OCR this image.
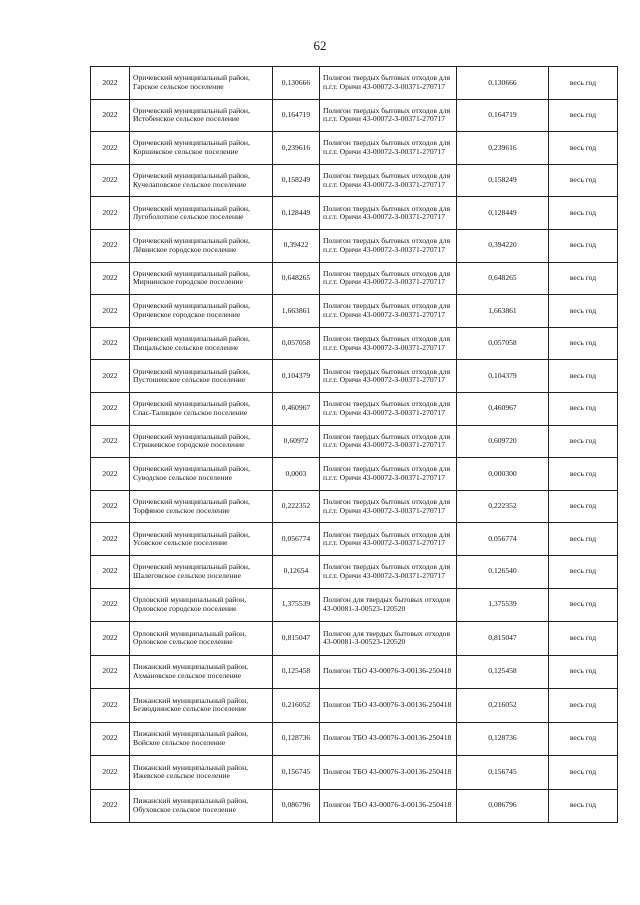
62
2022	Оричевский муниципальный район, Гарское сельское поселение	0,130666	Полигон твердых бытовых отходов для п.г.т. Оричи 43-00072-З-00371-270717	0,130666	весь год
2022	Оричевский муниципальный район, Истобенское сельское поселение	0,164719	Полигон твердых бытовых отходов для п.г.т. Оричи 43-00072-З-00371-270717	0,164719	весь год
2022	Оричевский муниципальный район, Коршикское сельское поселение	0,239616	Полигон твердых бытовых отходов для п.г.т. Оричи 43-00072-З-00371-270717	0,239616	весь год
2022	Оричевский муниципальный район, Кучелаповское сельское поселение	0,158249	Полигон твердых бытовых отходов для п.г.т. Оричи 43-00072-З-00371-270717	0,158249	весь год
2022	Оричевский муниципальный район, Лугоболотное сельское поселение	0,128449	Полигон твердых бытовых отходов для п.г.т. Оричи 43-00072-З-00371-270717	0,128449	весь год
2022	Оричевский муниципальный район, Лёвинское городское поселение	0,39422	Полигон твердых бытовых отходов для п.г.т. Оричи 43-00072-З-00371-270717	0,394220	весь год
2022	Оричевский муниципальный район, Мирнинское городское поселение	0,648265	Полигон твердых бытовых отходов для п.г.т. Оричи 43-00072-З-00371-270717	0,648265	весь год
2022	Оричевский муниципальный район, Оричевское городское поселение	1,663861	Полигон твердых бытовых отходов для п.г.т. Оричи 43-00072-З-00371-270717	1,663861	весь год
2022	Оричевский муниципальный район, Пищальское сельское поселение	0,057058	Полигон твердых бытовых отходов для п.г.т. Оричи 43-00072-З-00371-270717	0,057058	весь год
2022	Оричевский муниципальный район, Пустошенское сельское поселение	0,104379	Полигон твердых бытовых отходов для п.г.т. Оричи 43-00072-З-00371-270717	0,104379	весь год
2022	Оричевский муниципальный район, Спас-Талицкое сельское поселение	0,460967	Полигон твердых бытовых отходов для п.г.т. Оричи 43-00072-З-00371-270717	0,460967	весь год
2022	Оричевский муниципальный район, Стрижевское городское поселение	0,60972	Полигон твердых бытовых отходов для п.г.т. Оричи 43-00072-З-00371-270717	0,609720	весь год
2022	Оричевский муниципальный район, Суводское сельское поселение	0,0003	Полигон твердых бытовых отходов для п.г.т. Оричи 43-00072-З-00371-270717	0,000300	весь год
2022	Оричевский муниципальный район, Торфяное сельское поселение	0,222352	Полигон твердых бытовых отходов для п.г.т. Оричи 43-00072-З-00371-270717	0,222352	весь год
2022	Оричевский муниципальный район, Усовское сельское поселение	0,056774	Полигон твердых бытовых отходов для п.г.т. Оричи 43-00072-З-00371-270717	0,056774	весь год
2022	Оричевский муниципальный район, Шалеговское сельское поселение	0,12654	Полигон твердых бытовых отходов для п.г.т. Оричи 43-00072-З-00371-270717	0,126540	весь год
2022	Орловский муниципальный район, Орловское городское поселение	1,375539	Полигон для твердых бытовых отходов 43-00081-З-00523-120520	1,375539	весь год
2022	Орловский муниципальный район, Орловское сельское поселение	0,815047	Полигон для твердых бытовых отходов 43-00081-З-00523-120520	0,815047	весь год
2022	Пижанский муниципальный район, Ахмановское сельское поселение	0,125458	Полигон ТБО 43-00076-З-00136-250418	0,125458	весь год
2022	Пижанский муниципальный район, Безводнинское сельское поселение	0,216052	Полигон ТБО 43-00076-З-00136-250418	0,216052	весь год
2022	Пижанский муниципальный район, Войское сельское поселение	0,128736	Полигон ТБО 43-00076-З-00136-250418	0,128736	весь год
2022	Пижанский муниципальный район, Ижевское сельское поселение	0,156745	Полигон ТБО 43-00076-З-00136-250418	0,156745	весь год
2022	Пижанский муниципальный район, Обуховское сельское поселение	0,086796	Полигон ТБО 43-00076-З-00136-250418	0,086796	весь год
